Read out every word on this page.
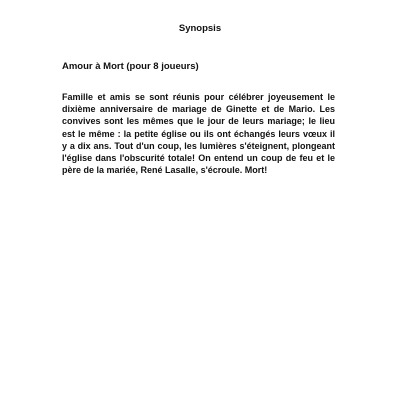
Synopsis
Amour à Mort (pour 8 joueurs)

Famille et amis se sont réunis pour célébrer joyeusement le dixième anniversaire de mariage de Ginette et de Mario. Les convives sont les mêmes que le jour de leurs mariage; le lieu est le même : la petite église ou ils ont échangés leurs vœux il y a dix ans. Tout d'un coup, les lumières s'éteignent, plongeant l'église dans l'obscurité totale! On entend un coup de feu et le père de la mariée, René Lasalle, s'écroule. Mort!
